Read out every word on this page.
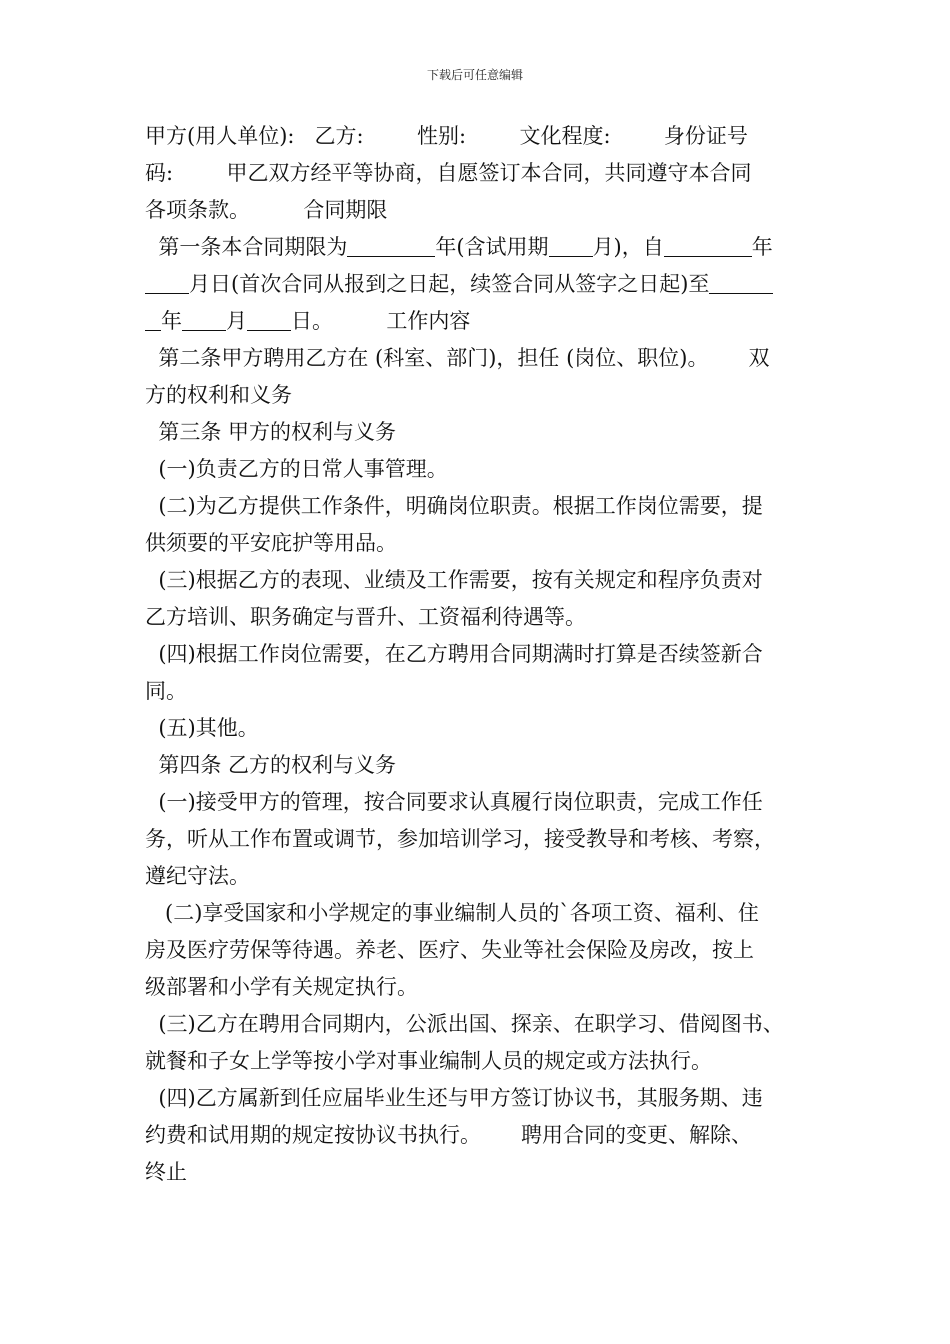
下载后可任意编辑
甲方(用人单位):   乙方:        性别:        文化程度:        身份证号
码:        甲乙双方经平等协商，自愿签订本合同，共同遵守本合同
各项条款。        合同期限
第一条本合同期限为	年(含试用期 月)，自	年
月日(首次合同从报到之日起，续签合同从签字之日起)至
年 月 日。        工作内容
第二条甲方聘用乙方在 (科室、部门)，担任 (岗位、职位)。      双
方的权利和义务
第三条 甲方的权利与义务
(一)负责乙方的日常人事管理。
(二)为乙方提供工作条件，明确岗位职责。根据工作岗位需要，提
供须要的平安庇护等用品。
(三)根据乙方的表现、业绩及工作需要，按有关规定和程序负责对
乙方培训、职务确定与晋升、工资福利待遇等。
(四)根据工作岗位需要，在乙方聘用合同期满时打算是否续签新合
同。
(五)其他。
第四条 乙方的权利与义务
(一)接受甲方的管理，按合同要求认真履行岗位职责，完成工作任
务，听从工作布置或调节，参加培训学习，接受教导和考核、考察，
遵纪守法。
(二)享受国家和小学规定的事业编制人员的`各项工资、福利、住
房及医疗劳保等待遇。养老、医疗、失业等社会保险及房改，按上
级部署和小学有关规定执行。
(三)乙方在聘用合同期内，公派出国、探亲、在职学习、借阅图书、
就餐和子女上学等按小学对事业编制人员的规定或方法执行。
(四)乙方属新到任应届毕业生还与甲方签订协议书，其服务期、违
约费和试用期的规定按协议书执行。      聘用合同的变更、解除、
终止
